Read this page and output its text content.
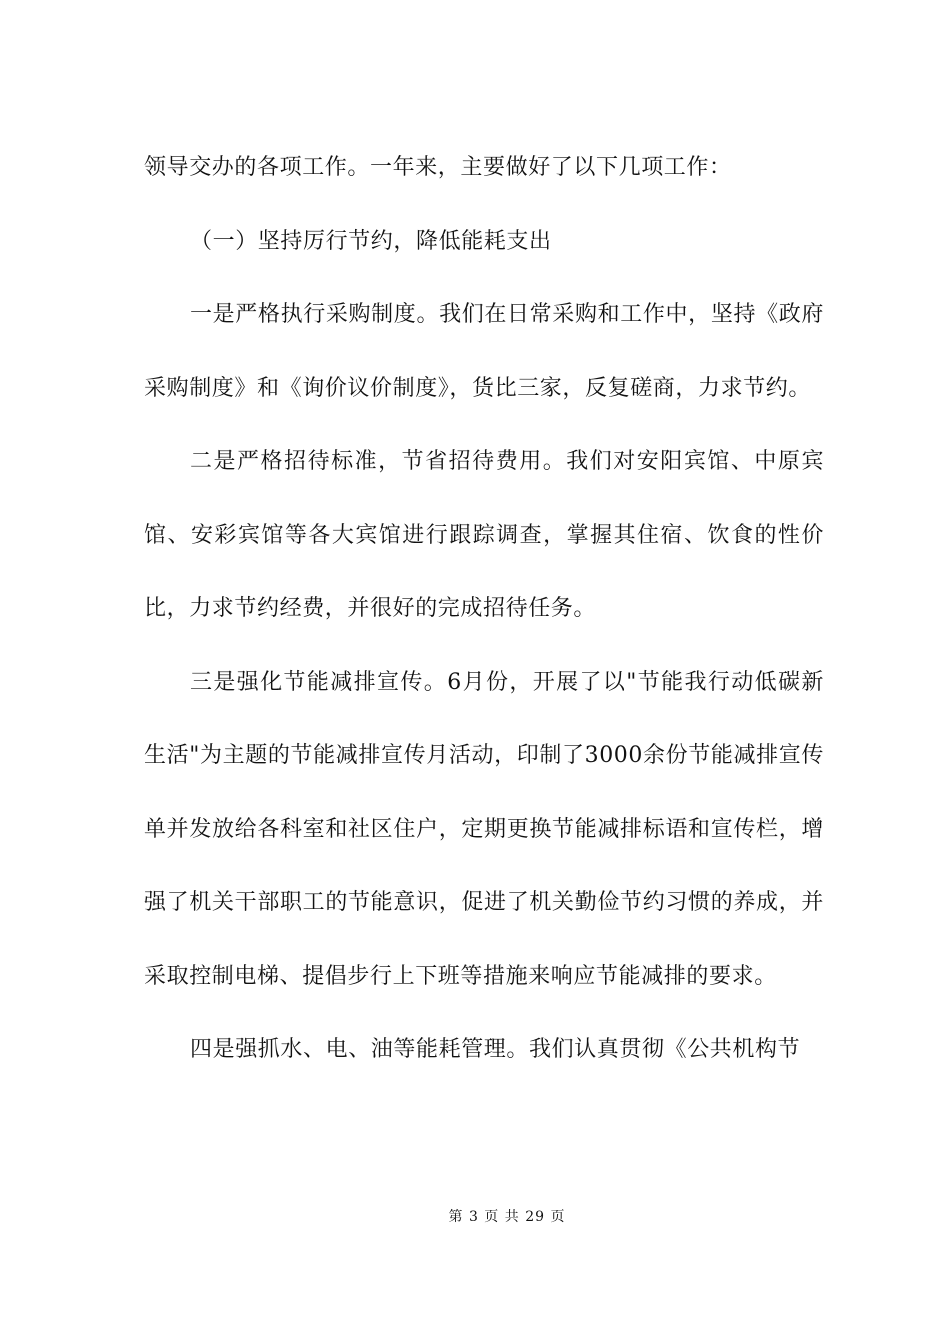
领导交办的各项工作。一年来，主要做好了以下几项工作：

（一）坚持厉行节约，降低能耗支出

一是严格执行采购制度。我们在日常采购和工作中，坚持《政府采购制度》和《询价议价制度》，货比三家，反复磋商，力求节约。

二是严格招待标准，节省招待费用。我们对安阳宾馆、中原宾馆、安彩宾馆等各大宾馆进行跟踪调查，掌握其住宿、饮食的性价比，力求节约经费，并很好的完成招待任务。

三是强化节能减排宣传。6月份，开展了以"节能我行动低碳新生活"为主题的节能减排宣传月活动，印制了3000余份节能减排宣传单并发放给各科室和社区住户，定期更换节能减排标语和宣传栏，增强了机关干部职工的节能意识，促进了机关勤俭节约习惯的养成，并采取控制电梯、提倡步行上下班等措施来响应节能减排的要求。

四是强抓水、电、油等能耗管理。我们认真贯彻《公共机构节

第 3 页 共 29 页
